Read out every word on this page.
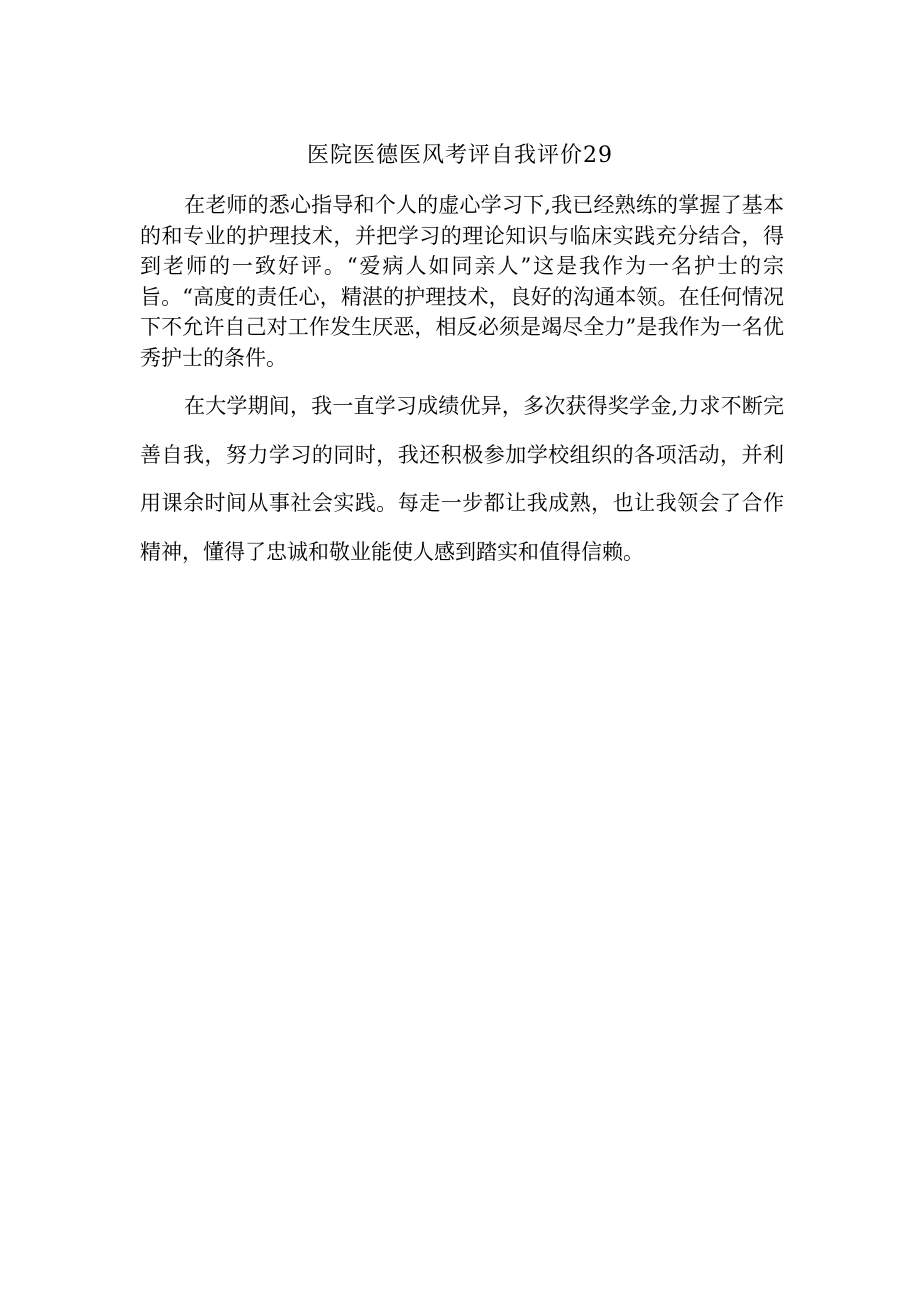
医院医德医风考评自我评价29

在老师的悉心指导和个人的虚心学习下,我已经熟练的掌握了基本的和专业的护理技术，并把学习的理论知识与临床实践充分结合，得到老师的一致好评。“爱病人如同亲人”这是我作为一名护士的宗旨。“高度的责任心，精湛的护理技术，良好的沟通本领。在任何情况下不允许自己对工作发生厌恶，相反必须是竭尽全力”是我作为一名优秀护士的条件。

在大学期间，我一直学习成绩优异，多次获得奖学金,力求不断完善自我，努力学习的同时，我还积极参加学校组织的各项活动，并利用课余时间从事社会实践。每走一步都让我成熟，也让我领会了合作精神，懂得了忠诚和敬业能使人感到踏实和值得信赖。
